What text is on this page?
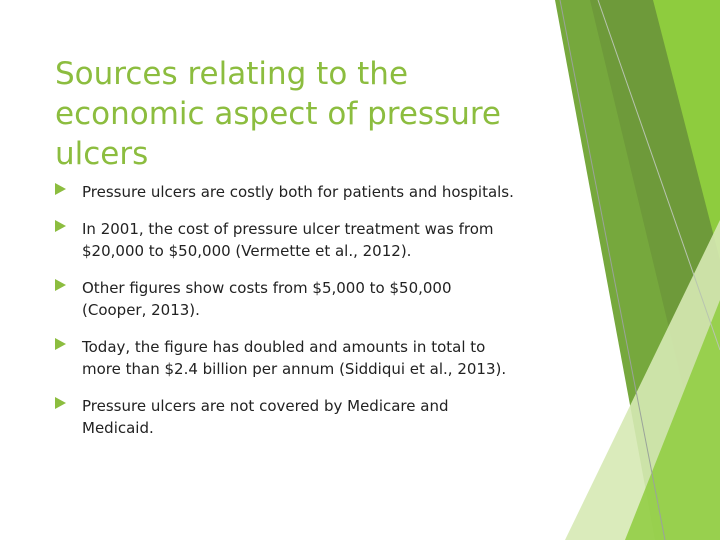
Sources relating to the economic aspect of pressure ulcers
Pressure ulcers are costly both for patients and hospitals.
In 2001, the cost of pressure ulcer treatment was from
$20,000 to $50,000 (Vermette et al., 2012).
Other figures show costs from $5,000 to $50,000
(Cooper, 2013).
Today, the figure has doubled and amounts in total to
more than $2.4 billion per annum (Siddiqui et al., 2013).
Pressure ulcers are not covered by Medicare and
Medicaid.
